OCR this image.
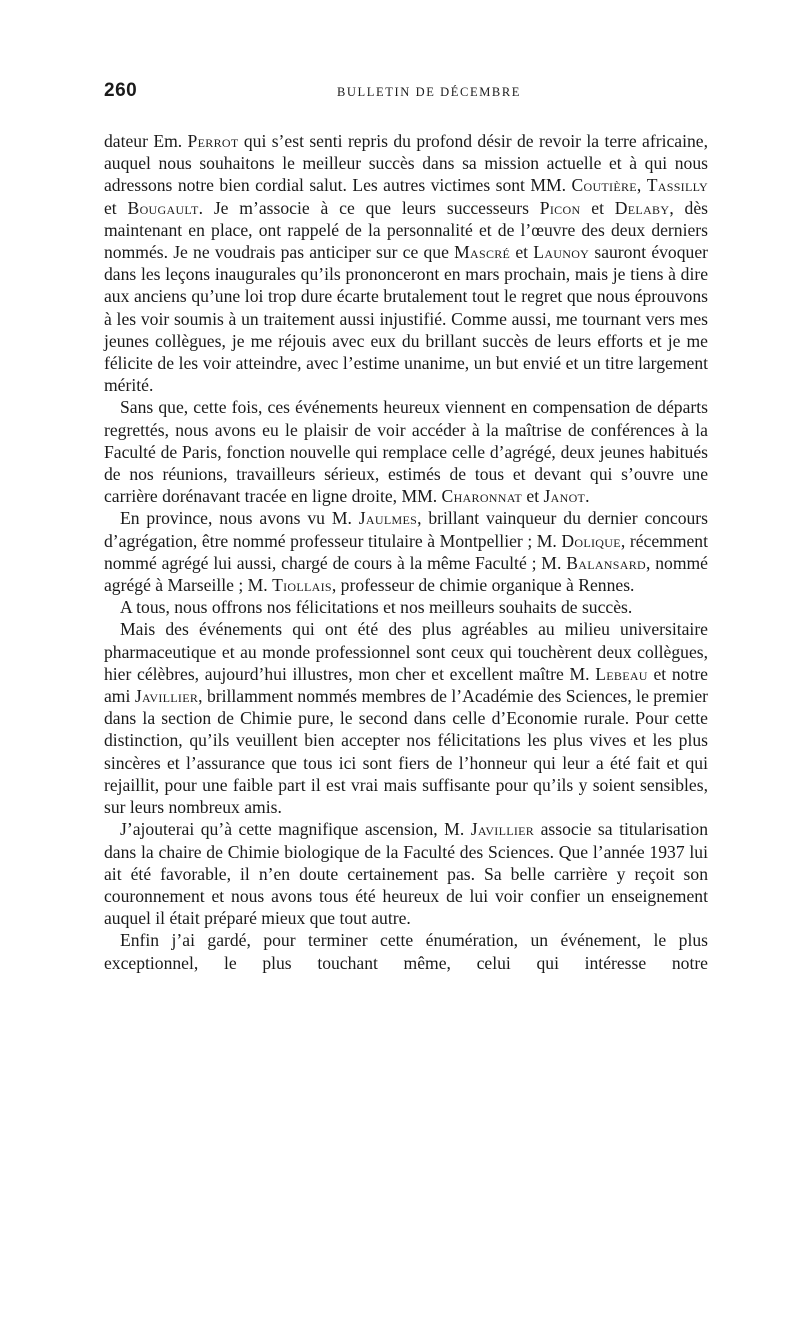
260	BULLETIN DE DÉCEMBRE

dateur Em. Perrot qui s’est senti repris du profond désir de revoir la terre africaine, auquel nous souhaitons le meilleur succès dans sa mission actuelle et à qui nous adressons notre bien cordial salut. Les autres victimes sont MM. Coutière, Tassilly et Bougault. Je m’associe à ce que leurs successeurs Picon et Delaby, dès maintenant en place, ont rappelé de la personnalité et de l’œuvre des deux derniers nommés. Je ne voudrais pas anticiper sur ce que Mascré et Launoy sauront évoquer dans les leçons inaugurales qu’ils prononceront en mars prochain, mais je tiens à dire aux anciens qu’une loi trop dure écarte brutalement tout le regret que nous éprouvons à les voir soumis à un traitement aussi injustifié. Comme aussi, me tournant vers mes jeunes collègues, je me réjouis avec eux du brillant succès de leurs efforts et je me félicite de les voir atteindre, avec l’estime unanime, un but envié et un titre largement mérité.

Sans que, cette fois, ces événements heureux viennent en compensation de départs regrettés, nous avons eu le plaisir de voir accéder à la maîtrise de conférences à la Faculté de Paris, fonction nouvelle qui remplace celle d’agrégé, deux jeunes habitués de nos réunions, travailleurs sérieux, estimés de tous et devant qui s’ouvre une carrière dorénavant tracée en ligne droite, MM. Charonnat et Janot.

En province, nous avons vu M. Jaulmes, brillant vainqueur du dernier concours d’agrégation, être nommé professeur titulaire à Montpellier ; M. Dolique, récemment nommé agrégé lui aussi, chargé de cours à la même Faculté ; M. Balansard, nommé agrégé à Marseille ; M. Tiollais, professeur de chimie organique à Rennes.

A tous, nous offrons nos félicitations et nos meilleurs souhaits de succès.

Mais des événements qui ont été des plus agréables au milieu universitaire pharmaceutique et au monde professionnel sont ceux qui touchèrent deux collègues, hier célèbres, aujourd’hui illustres, mon cher et excellent maître M. Lebeau et notre ami Javillier, brillamment nommés membres de l’Académie des Sciences, le premier dans la section de Chimie pure, le second dans celle d’Economie rurale. Pour cette distinction, qu’ils veuillent bien accepter nos félicitations les plus vives et les plus sincères et l’assurance que tous ici sont fiers de l’honneur qui leur a été fait et qui rejaillit, pour une faible part il est vrai mais suffisante pour qu’ils y soient sensibles, sur leurs nombreux amis.

J’ajouterai qu’à cette magnifique ascension, M. Javillier associe sa titularisation dans la chaire de Chimie biologique de la Faculté des Sciences. Que l’année 1937 lui ait été favorable, il n’en doute certainement pas. Sa belle carrière y reçoit son couronnement et nous avons tous été heureux de lui voir confier un enseignement auquel il était préparé mieux que tout autre.

Enfin j’ai gardé, pour terminer cette énumération, un événement, le plus exceptionnel, le plus touchant même, celui qui intéresse notre
